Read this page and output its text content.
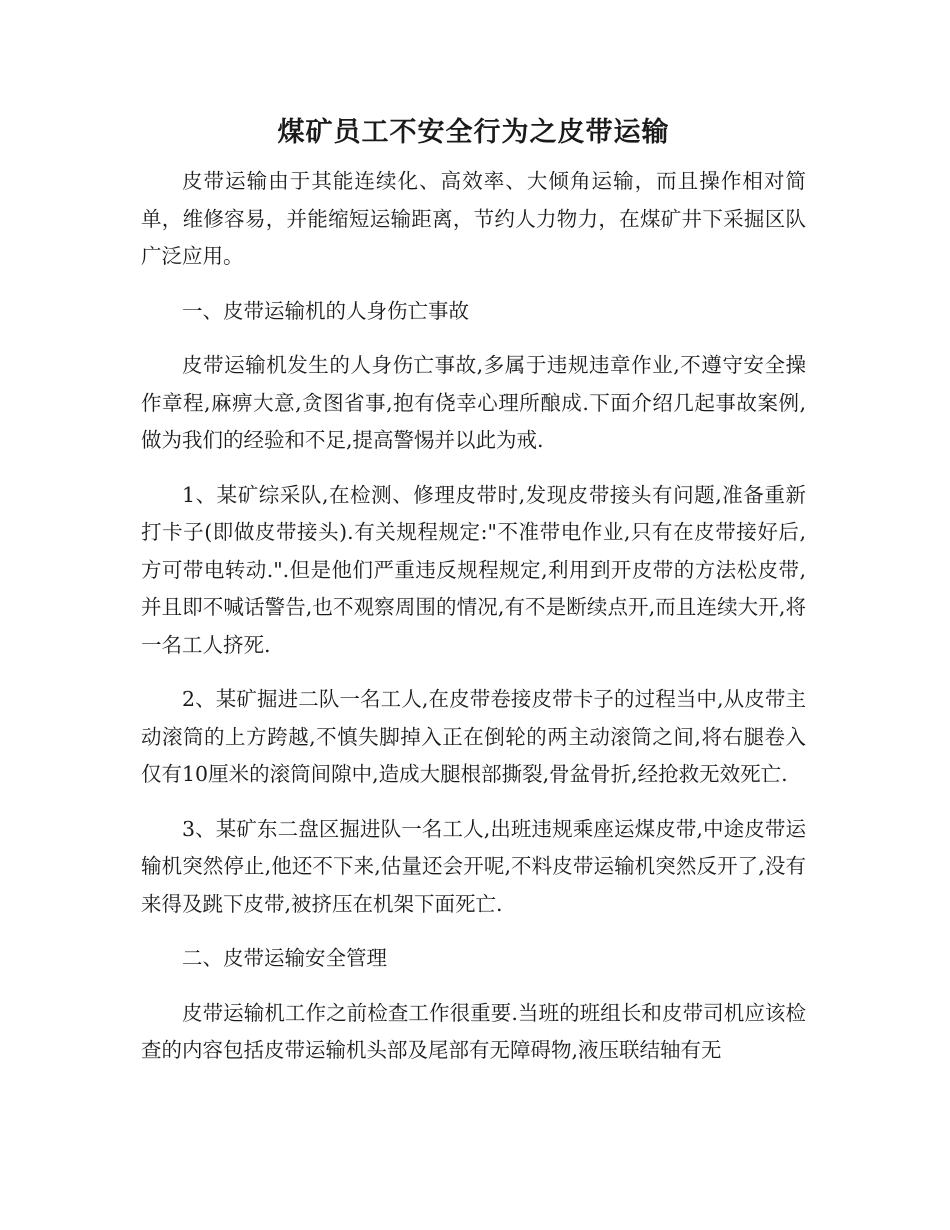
煤矿员工不安全行为之皮带运输

皮带运输由于其能连续化、高效率、大倾角运输，而且操作相对简单，维修容易，并能缩短运输距离，节约人力物力，在煤矿井下采掘区队广泛应用。

一、皮带运输机的人身伤亡事故

皮带运输机发生的人身伤亡事故,多属于违规违章作业,不遵守安全操作章程,麻痹大意,贪图省事,抱有侥幸心理所酿成.下面介绍几起事故案例,做为我们的经验和不足,提高警惕并以此为戒.

1、某矿综采队,在检测、修理皮带时,发现皮带接头有问题,准备重新打卡子(即做皮带接头).有关规程规定:"不准带电作业,只有在皮带接好后,方可带电转动.".但是他们严重违反规程规定,利用到开皮带的方法松皮带,并且即不喊话警告,也不观察周围的情况,有不是断续点开,而且连续大开,将一名工人挤死.

2、某矿掘进二队一名工人,在皮带卷接皮带卡子的过程当中,从皮带主动滚筒的上方跨越,不慎失脚掉入正在倒轮的两主动滚筒之间,将右腿卷入仅有10厘米的滚筒间隙中,造成大腿根部撕裂,骨盆骨折,经抢救无效死亡.

3、某矿东二盘区掘进队一名工人,出班违规乘座运煤皮带,中途皮带运输机突然停止,他还不下来,估量还会开呢,不料皮带运输机突然反开了,没有来得及跳下皮带,被挤压在机架下面死亡.

二、皮带运输安全管理

皮带运输机工作之前检查工作很重要.当班的班组长和皮带司机应该检查的内容包括皮带运输机头部及尾部有无障碍物,液压联结轴有无
